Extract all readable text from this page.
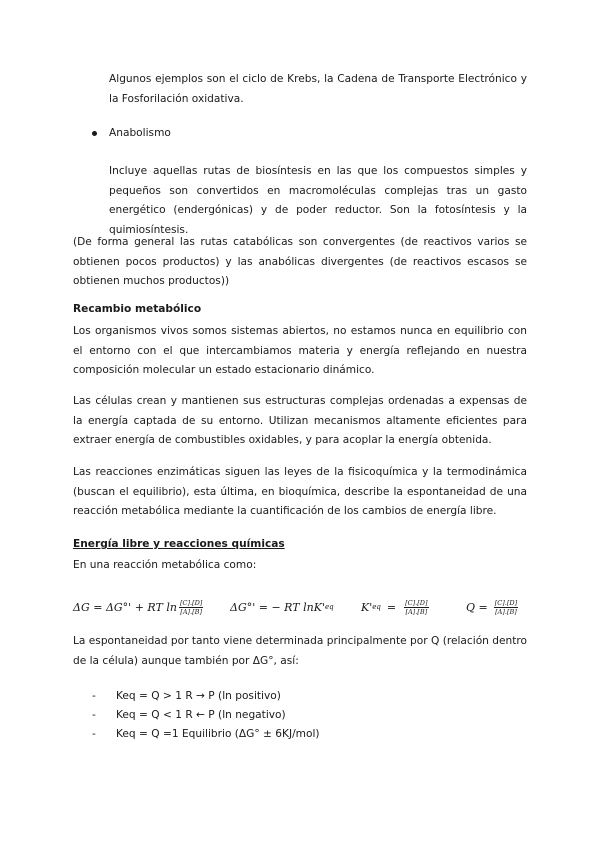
Algunos ejemplos son el ciclo de Krebs, la Cadena de Transporte Electrónico y la Fosforilación oxidativa.

Anabolismo

Incluye aquellas rutas de biosíntesis en las que los compuestos simples y pequeños son convertidos en macromoléculas complejas tras un gasto energético (endergónicas) y de poder reductor. Son la fotosíntesis y la quimiosíntesis.

(De forma general las rutas catabólicas son convergentes (de reactivos varios se obtienen pocos productos) y las anabólicas divergentes (de reactivos escasos se obtienen muchos productos))

Recambio metabólico

Los organismos vivos somos sistemas abiertos, no estamos nunca en equilibrio con el entorno con el que intercambiamos materia y energía reflejando en nuestra composición molecular un estado estacionario dinámico.

Las células crean y mantienen sus estructuras complejas ordenadas a expensas de la energía captada de su entorno. Utilizan mecanismos altamente eficientes para extraer energía de combustibles oxidables, y para acoplar la energía obtenida.

Las reacciones enzimáticas siguen las leyes de la fisicoquímica y la termodinámica (buscan el equilibrio), esta última, en bioquímica, describe la espontaneidad de una reacción metabólica mediante la cuantificación de los cambios de energía libre.

Energía libre y reacciones químicas

En una reacción metabólica como:

ΔG = ΔG°' + RT $\ln \frac{[C].[D]}{[A].[B]} \Delta G^\circ'$ = − RT lnK' eq K' eq = $\frac{[C].[D]}{[A].[B]}$	$Q = \frac{[C].[D]}{[A].[B]}$

La espontaneidad por tanto viene determinada principalmente por Q (relación dentro de la célula) aunque también por ΔG°, así:

- Keq = Q > 1 R → P (ln positivo)
- Keq = Q < 1 R ← P (ln negativo)
- Keq = Q =1 Equilibrio (ΔG° ± 6KJ/mol)
